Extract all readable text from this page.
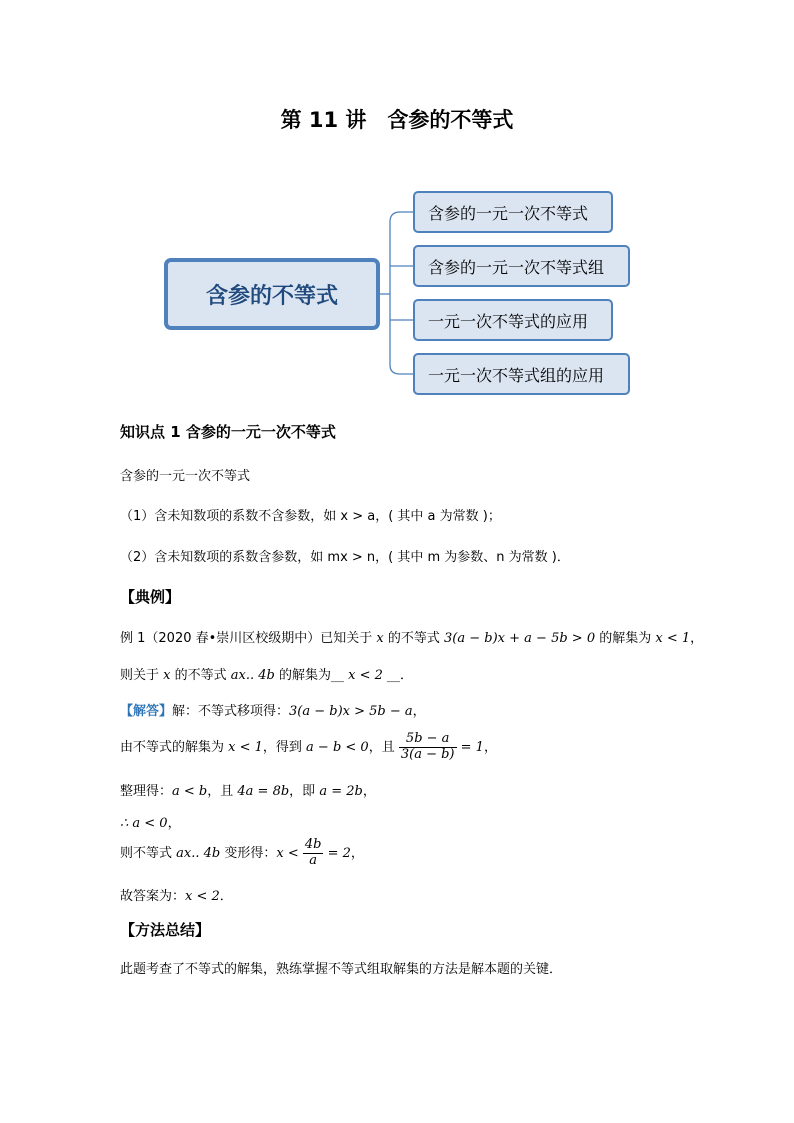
第 11 讲　含参的不等式
含参的不等式
含参的一元一次不等式
含参的一元一次不等式组
一元一次不等式的应用
一元一次不等式组的应用
知识点 1 含参的一元一次不等式
含参的一元一次不等式
（1）含未知数项的系数不含参数，如 x > a，( 其中 a 为常数 )；
（2）含未知数项的系数含参数，如 mx > n，( 其中 m 为参数、n 为常数 )．
【典例】
例 1（2020 春•崇川区校级期中）已知关于 x 的不等式 3(a − b)x + a − 5b > 0 的解集为 x < 1，
则关于 x 的不等式 ax.. 4b 的解集为__ x < 2 __．
【解答】解：不等式移项得：3(a − b)x > 5b − a，
由不等式的解集为 x < 1，得到 a − b < 0，且 $\frac{5b - a}{3(a - b)} = 1$，
整理得：a < b，且 4a = 8b，即 a = 2b，
∴ a < 0，
则不等式 ax.. 4b 变形得：$x < \frac{4b}{a} = 2$，
故答案为：x < 2．
【方法总结】
此题考查了不等式的解集，熟练掌握不等式组取解集的方法是解本题的关键．
